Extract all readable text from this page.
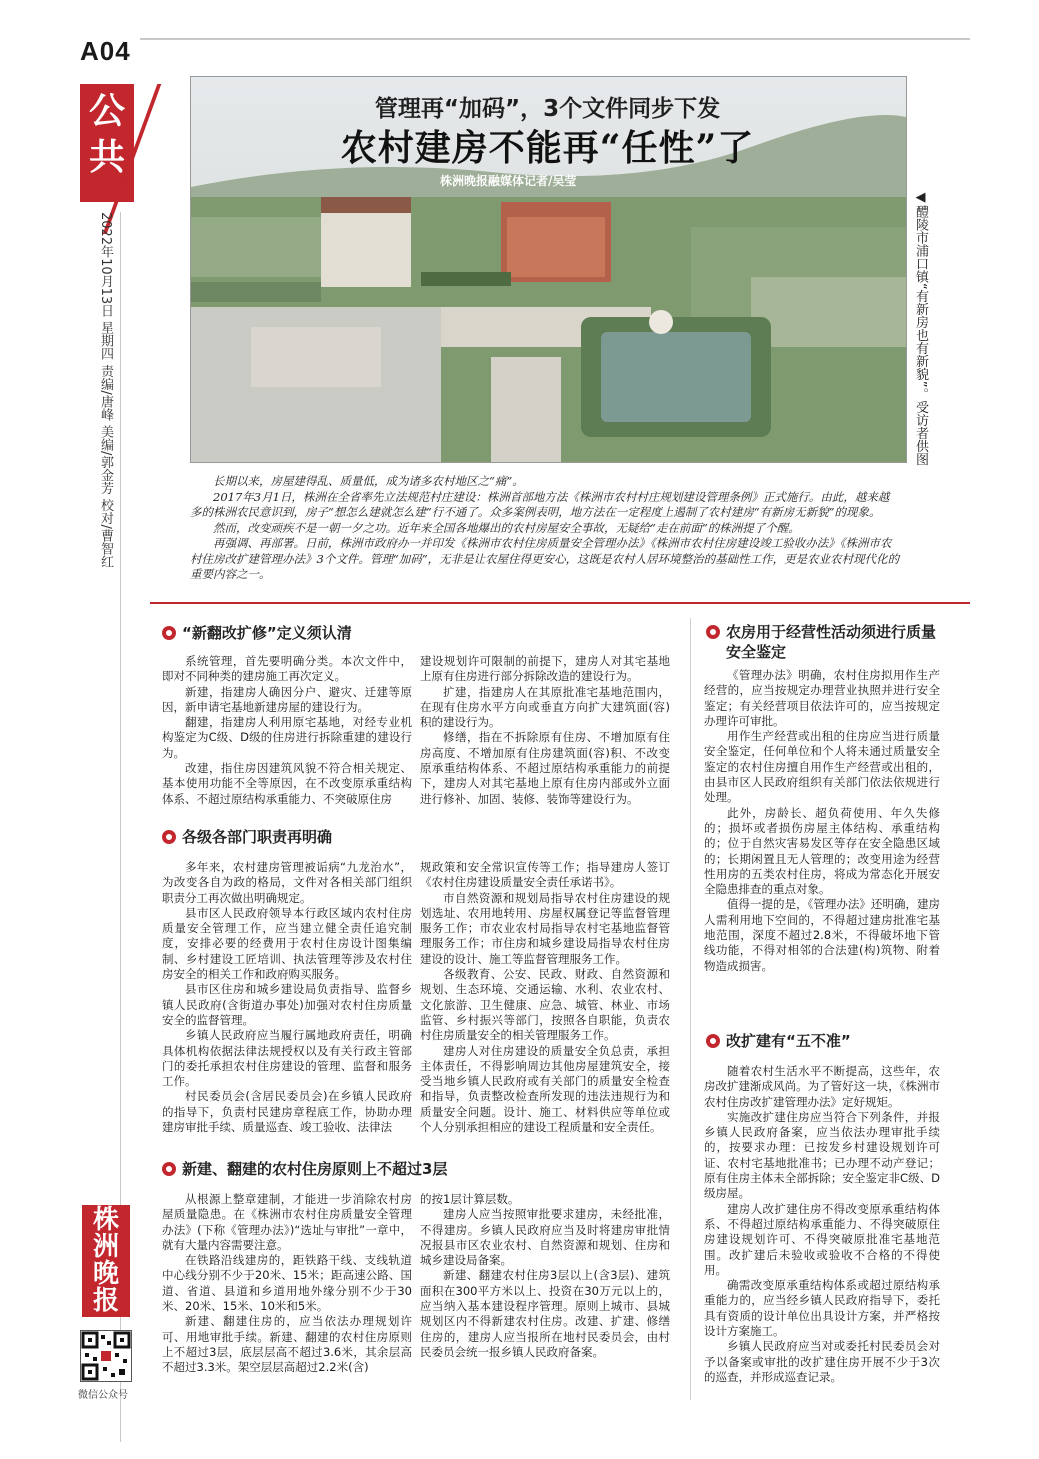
A04
公
共
2022年10月13日 星期四 责编/唐峰 美编/郭金芳 校对/曹智红
管理再“加码”，3个文件同步下发
农村建房不能再“任性”了
株洲晚报融媒体记者/吴莹
◀醴陵市浦口镇“有新房也有新貌”。受访者供图

长期以来，房屋建得乱、质量低，成为诸多农村地区之“痛”。

2017年3月1日，株洲在全省率先立法规范村庄建设：株洲首部地方法《株洲市农村村庄规划建设管理条例》正式施行。由此，越来越多的株洲农民意识到，房子“想怎么建就怎么建”行不通了。众多案例表明，地方法在一定程度上遏制了农村建房“有新房无新貌”的现象。

然而，改变顽疾不是一朝一夕之功。近年来全国各地爆出的农村房屋安全事故，无疑给“走在前面”的株洲提了个醒。

再强调、再部署。日前，株洲市政府办一并印发《株洲市农村住房质量安全管理办法》《株洲市农村住房建设竣工验收办法》《株洲市农村住房改扩建管理办法》3个文件。管理“加码”，无非是让农屋住得更安心，这既是农村人居环境整治的基础性工作，更是农业农村现代化的重要内容之一。

“新翻改扩修”定义须认清

系统管理，首先要明确分类。本次文件中，即对不同种类的建房施工再次定义。

新建，指建房人确因分户、避灾、迁建等原因，新申请宅基地新建房屋的建设行为。

翻建，指建房人利用原宅基地，对经专业机构鉴定为C级、D级的住房进行拆除重建的建设行为。

改建，指住房因建筑风貌不符合相关规定、基本使用功能不全等原因，在不改变原承重结构体系、不超过原结构承重能力、不突破原住房

建设规划许可限制的前提下，建房人对其宅基地上原有住房进行部分拆除改造的建设行为。

扩建，指建房人在其原批准宅基地范围内，在现有住房水平方向或垂直方向扩大建筑面(容)积的建设行为。

修缮，指在不拆除原有住房、不增加原有住房高度、不增加原有住房建筑面(容)积、不改变原承重结构体系、不超过原结构承重能力的前提下，建房人对其宅基地上原有住房内部或外立面进行修补、加固、装修、装饰等建设行为。

各级各部门职责再明确

多年来，农村建房管理被诟病“九龙治水”，为改变各自为政的格局，文件对各相关部门组织职责分工再次做出明确规定。

县市区人民政府领导本行政区域内农村住房质量安全管理工作，应当建立健全责任追究制度，安排必要的经费用于农村住房设计图集编制、乡村建设工匠培训、执法管理等涉及农村住房安全的相关工作和政府购买服务。

县市区住房和城乡建设局负责指导、监督乡镇人民政府(含街道办事处)加强对农村住房质量安全的监督管理。

乡镇人民政府应当履行属地政府责任，明确具体机构依据法律法规授权以及有关行政主管部门的委托承担农村住房建设的管理、监督和服务工作。

村民委员会(含居民委员会)在乡镇人民政府的指导下，负责村民建房章程底工作，协助办理建房审批手续、质量巡查、竣工验收、法律法

规政策和安全常识宣传等工作；指导建房人签订《农村住房建设质量安全责任承诺书》。

市自然资源和规划局指导农村住房建设的规划选址、农用地转用、房屋权属登记等监督管理服务工作；市农业农村局指导农村宅基地监督管理服务工作；市住房和城乡建设局指导农村住房建设的设计、施工等监督管理服务工作。

各级教育、公安、民政、财政、自然资源和规划、生态环境、交通运输、水利、农业农村、文化旅游、卫生健康、应急、城管、林业、市场监管、乡村振兴等部门，按照各自职能，负责农村住房质量安全的相关管理服务工作。

建房人对住房建设的质量安全负总责，承担主体责任，不得影响周边其他房屋建筑安全，接受当地乡镇人民政府或有关部门的质量安全检查和指导，负责整改检查所发现的违法违规行为和质量安全问题。设计、施工、材料供应等单位或个人分别承担相应的建设工程质量和安全责任。

新建、翻建的农村住房原则上不超过3层

从根源上整章建制，才能进一步消除农村房屋质量隐患。在《株洲市农村住房质量安全管理办法》(下称《管理办法》)“选址与审批”一章中，就有大量内容需要注意。

在铁路沿线建房的，距铁路干线、支线轨道中心线分别不少于20米、15米；距高速公路、国道、省道、县道和乡道用地外缘分别不少于30米、20米、15米、10米和5米。

新建、翻建住房的，应当依法办理规划许可、用地审批手续。新建、翻建的农村住房原则上不超过3层，底层层高不超过3.6米，其余层高不超过3.3米。架空层层高超过2.2米(含)

的按1层计算层数。

建房人应当按照审批要求建房，未经批准，不得建房。乡镇人民政府应当及时将建房审批情况报县市区农业农村、自然资源和规划、住房和城乡建设局备案。

新建、翻建农村住房3层以上(含3层)、建筑面积在300平方米以上、投资在30万元以上的，应当纳入基本建设程序管理。原则上城市、县城规划区内不得新建农村住房。改建、扩建、修缮住房的，建房人应当报所在地村民委员会，由村民委员会统一报乡镇人民政府备案。

农房用于经营性活动须进行质量安全鉴定

《管理办法》明确，农村住房拟用作生产经营的，应当按规定办理营业执照并进行安全鉴定；有关经营项目依法许可的，应当按规定办理许可审批。

用作生产经营或出租的住房应当进行质量安全鉴定，任何单位和个人将未通过质量安全鉴定的农村住房擅自用作生产经营或出租的，由县市区人民政府组织有关部门依法依规进行处理。

此外，房龄长、超负荷使用、年久失修的；损坏或者损伤房屋主体结构、承重结构的；位于自然灾害易发区等存在安全隐患区域的；长期闲置且无人管理的；改变用途为经营性用房的五类农村住房，将成为常态化开展安全隐患排查的重点对象。

值得一提的是，《管理办法》还明确，建房人需利用地下空间的，不得超过建房批准宅基地范围，深度不超过2.8米，不得破坏地下管线功能，不得对相邻的合法建(构)筑物、附着物造成损害。

改扩建有“五不准”

随着农村生活水平不断提高，这些年，农房改扩建渐成风尚。为了管好这一块，《株洲市农村住房改扩建管理办法》定好规矩。

实施改扩建住房应当符合下列条件，并报乡镇人民政府备案，应当依法办理审批手续的，按要求办理：已按发乡村建设规划许可证、农村宅基地批准书；已办理不动产登记；原有住房主体未全部拆除；安全鉴定非C级、D级房屋。

建房人改扩建住房不得改变原承重结构体系、不得超过原结构承重能力、不得突破原住房建设规划许可、不得突破原批准宅基地范围。改扩建后未验收或验收不合格的不得使用。

确需改变原承重结构体系或超过原结构承重能力的，应当经乡镇人民政府指导下，委托具有资质的设计单位出具设计方案，并严格按设计方案施工。

乡镇人民政府应当对或委托村民委员会对予以备案或审批的改扩建住房开展不少于3次的巡查，并形成巡查记录。

株
洲
晚
报
微信公众号
